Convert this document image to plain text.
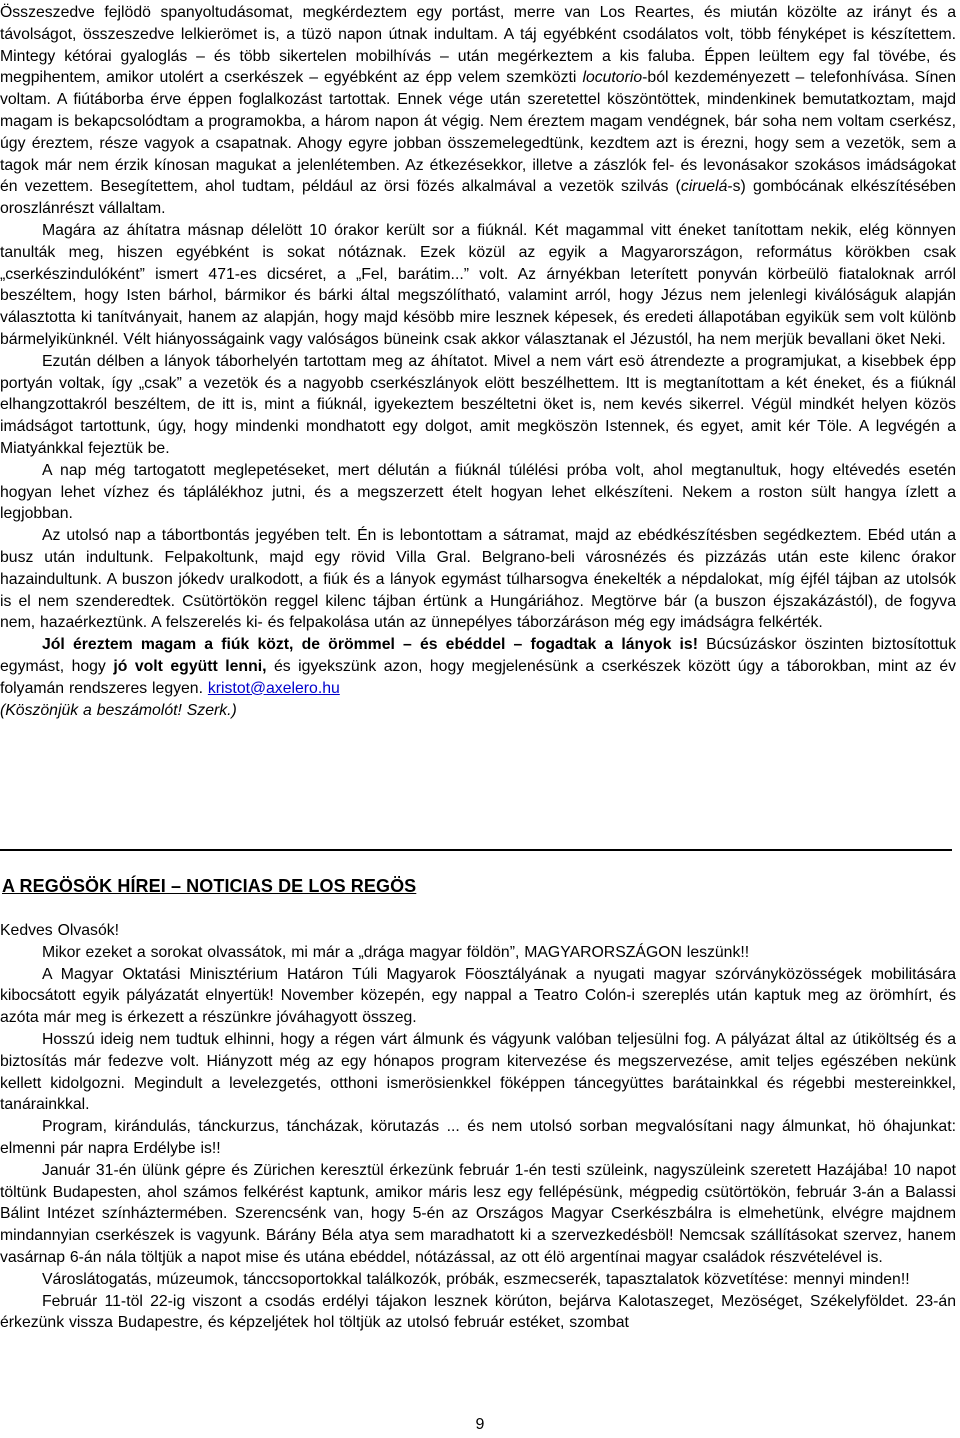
Összeszedve fejlödö spanyoltudásomat, megkérdeztem egy portást, merre van Los Reartes, és miután közölte az irányt és a távolságot, összeszedve lelkierömet is, a tüzö napon útnak indultam. A táj egyébként csodálatos volt, több fényképet is készítettem. Mintegy kétórai gyaloglás – és több sikertelen mobilhívás – után megérkeztem a kis faluba. Éppen leültem egy fal tövébe, és megpihentem, amikor utolért a cserkészek – egyébként az épp velem szemközti locutorio-ból kezdeményezett – telefonhívása. Sínen voltam. A fiútáborba érve éppen foglalkozást tartottak. Ennek vége után szeretettel köszöntöttek, mindenkinek bemutatkoztam, majd magam is bekapcsolódtam a programokba, a három napon át végig. Nem éreztem magam vendégnek, bár soha nem voltam cserkész, úgy éreztem, része vagyok a csapatnak. Ahogy egyre jobban összemelegedtünk, kezdtem azt is érezni, hogy sem a vezetök, sem a tagok már nem érzik kínosan magukat a jelenlétemben. Az étkezésekkor, illetve a zászlók fel- és levonásakor szokásos imádságokat én vezettem. Besegítettem, ahol tudtam, például az örsi fözés alkalmával a vezetök szilvás (ciruelá-s) gombócának elkészítésében oroszlánrészt vállaltam.

Magára az áhítatra másnap délelött 10 órakor került sor a fiúknál. Két magammal vitt éneket tanítottam nekik, elég könnyen tanulták meg, hiszen egyébként is sokat nótáznak. Ezek közül az egyik a Magyarországon, református körökben csak „cserkészindulóként” ismert 471-es dicséret, a „Fel, barátim...” volt. Az árnyékban leterített ponyván körbeülö fiataloknak arról beszéltem, hogy Isten bárhol, bármikor és bárki által megszólítható, valamint arról, hogy Jézus nem jelenlegi kiválóságuk alapján választotta ki tanítványait, hanem az alapján, hogy majd késöbb mire lesznek képesek, és eredeti állapotában egyikük sem volt különb bármelyikünknél. Vélt hiányosságaink vagy valóságos büneink csak akkor választanak el Jézustól, ha nem merjük bevallani öket Neki.

Ezután délben a lányok táborhelyén tartottam meg az áhítatot. Mivel a nem várt esö átrendezte a programjukat, a kisebbek épp portyán voltak, így „csak” a vezetök és a nagyobb cserkészlányok elött beszélhettem. Itt is megtanítottam a két éneket, és a fiúknál elhangzottakról beszéltem, de itt is, mint a fiúknál, igyekeztem beszéltetni öket is, nem kevés sikerrel. Végül mindkét helyen közös imádságot tartottunk, úgy, hogy mindenki mondhatott egy dolgot, amit megköszön Istennek, és egyet, amit kér Töle. A legvégén a Miatyánkkal fejeztük be.

A nap még tartogatott meglepetéseket, mert délután a fiúknál túlélési próba volt, ahol megtanultuk, hogy eltévedés esetén hogyan lehet vízhez és táplálékhoz jutni, és a megszerzett ételt hogyan lehet elkészíteni. Nekem a roston sült hangya ízlett a legjobban.

Az utolsó nap a tábortbontás jegyében telt. Én is lebontottam a sátramat, majd az ebédkészítésben segédkeztem. Ebéd után a busz után indultunk. Felpakoltunk, majd egy rövid Villa Gral. Belgrano-beli városnézés és pizzázás után este kilenc órakor hazaindultunk. A buszon jókedv uralkodott, a fiúk és a lányok egymást túlharsogva énekelték a népdalokat, míg éjfél tájban az utolsók is el nem szenderedtek. Csütörtökön reggel kilenc tájban értünk a Hungáriához. Megtörve bár (a buszon éjszakázástól), de fogyva nem, hazaérkeztünk. A felszerelés ki- és felpakolása után az ünnepélyes táborzáráson még egy imádságra felkérték.

Jól éreztem magam a fiúk közt, de örömmel – és ebéddel – fogadtak a lányok is! Búcsúzáskor öszinten biztosítottuk egymást, hogy jó volt együtt lenni, és igyekszünk azon, hogy megjelenésünk a cserkészek között úgy a táborokban, mint az év folyamán rendszeres legyen. kristot@axelero.hu

(Köszönjük a beszámolót! Szerk.)

A REGÖSÖK HÍREI – NOTICIAS DE LOS REGÖS

Kedves Olvasók!

Mikor ezeket a sorokat olvassátok, mi már a „drága magyar földön”, MAGYARORSZÁGON leszünk!!

A Magyar Oktatási Minisztérium Határon Túli Magyarok Föosztályának a nyugati magyar szórványközösségek mobilitására kibocsátott egyik pályázatát elnyertük! November közepén, egy nappal a Teatro Colón-i szereplés után kaptuk meg az örömhírt, és azóta már meg is érkezett a részünkre jóváhagyott összeg.

Hosszú ideig nem tudtuk elhinni, hogy a régen várt álmunk és vágyunk valóban teljesülni fog. A pályázat által az útiköltség és a biztosítás már fedezve volt. Hiányzott még az egy hónapos program kitervezése és megszervezése, amit teljes egészében nekünk kellett kidolgozni. Megindult a levelezgetés, otthoni ismerösienkkel föképpen táncegyüttes barátainkkal és régebbi mestereinkkel, tanárainkkal.

Program, kirándulás, tánckurzus, táncházak, körutazás ... és nem utolsó sorban megvalósítani nagy álmunkat, hö óhajunkat: elmenni pár napra Erdélybe is!!

Január 31-én ülünk gépre és Zürichen keresztül érkezünk február 1-én testi szüleink, nagyszüleink szeretett Hazájába! 10 napot töltünk Budapesten, ahol számos felkérést kaptunk, amikor máris lesz egy fellépésünk, mégpedig csütörtökön, február 3-án a Balassi Bálint Intézet színháztermében. Szerencsénk van, hogy 5-én az Országos Magyar Cserkészbálra is elmehetünk, elvégre majdnem mindannyian cserkészek is vagyunk. Bárány Béla atya sem maradhatott ki a szervezkedésböl! Nemcsak szállításokat szervez, hanem vasárnap 6-án nála töltjük a napot mise és utána ebéddel, nótázással, az ott élö argentínai magyar családok részvételével is.

Városlátogatás, múzeumok, tánccsoportokkal találkozók, próbák, eszmecserék, tapasztalatok közvetítése: mennyi minden!!

Február 11-töl 22-ig viszont a csodás erdélyi tájakon lesznek körúton, bejárva Kalotaszeget, Mezöséget, Székelyföldet. 23-án érkezünk vissza Budapestre, és képzeljétek hol töltjük az utolsó február estéket, szombat

9
